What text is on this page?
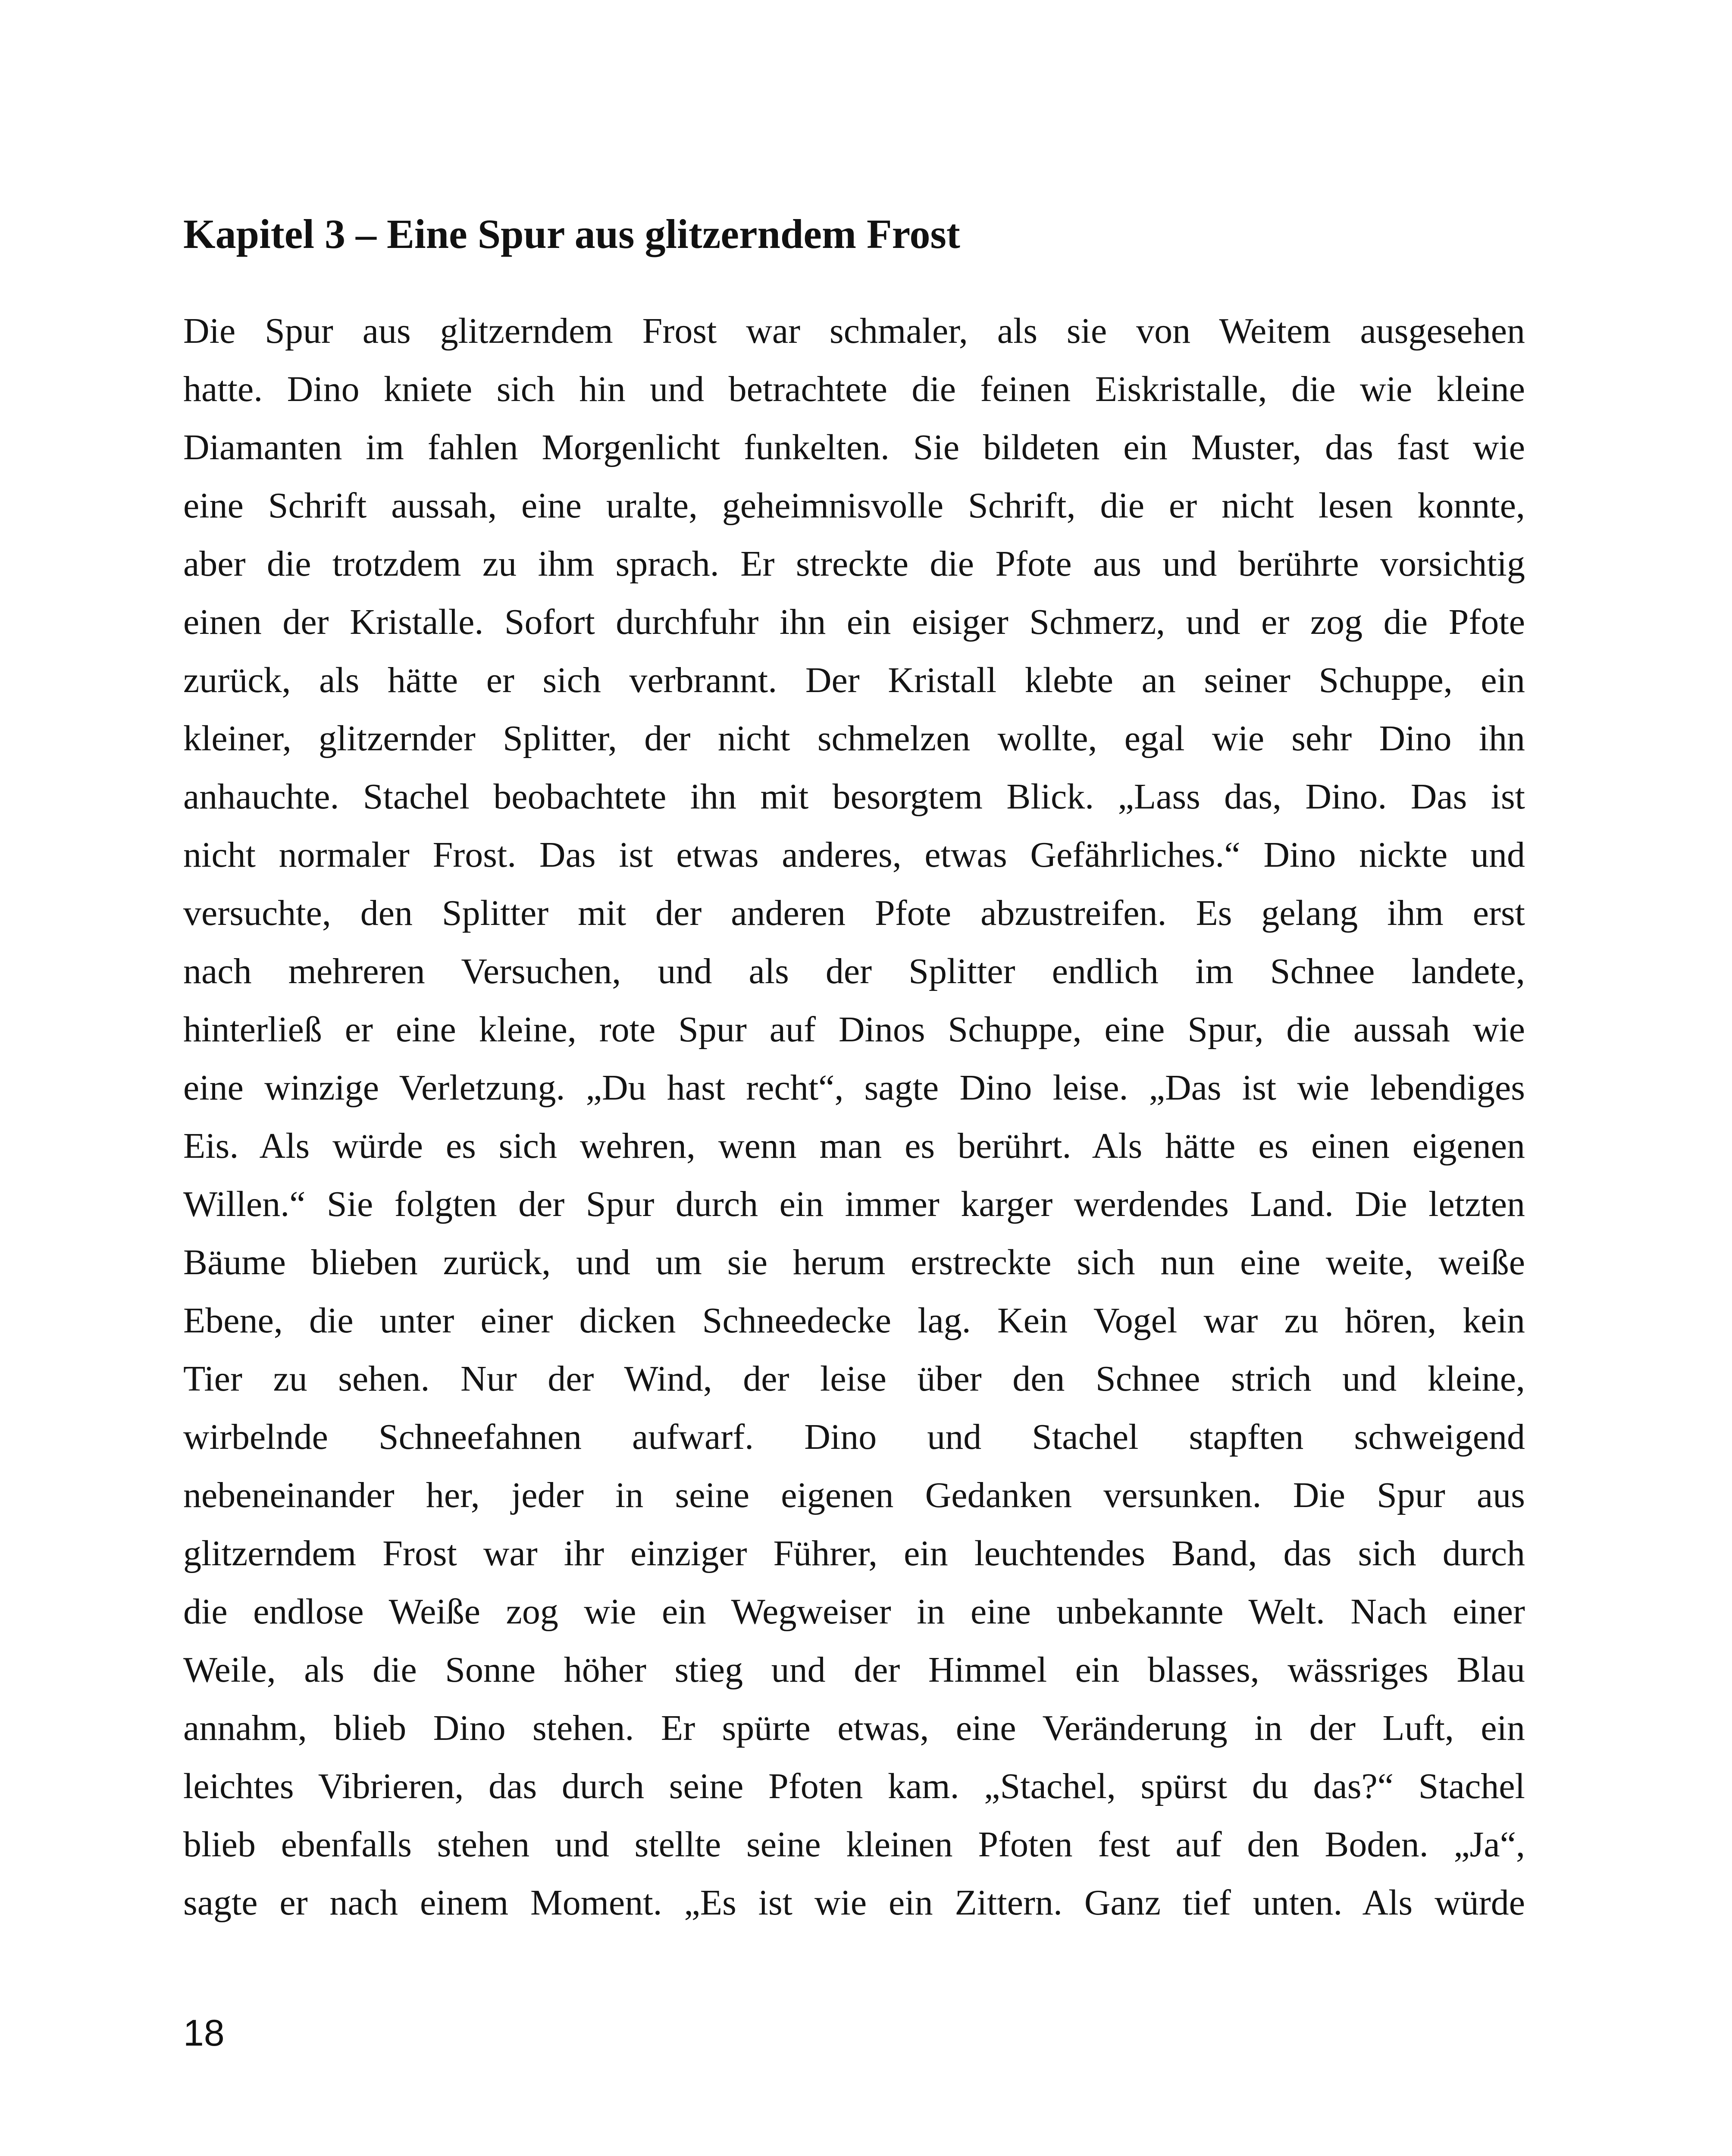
Kapitel 3 – Eine Spur aus glitzerndem Frost
Die Spur aus glitzerndem Frost war schmaler, als sie von Weitem ausgesehen
hatte. Dino kniete sich hin und betrachtete die feinen Eiskristalle, die wie kleine
Diamanten im fahlen Morgenlicht funkelten. Sie bildeten ein Muster, das fast wie
eine Schrift aussah, eine uralte, geheimnisvolle Schrift, die er nicht lesen konnte,
aber die trotzdem zu ihm sprach. Er streckte die Pfote aus und berührte vorsichtig
einen der Kristalle. Sofort durchfuhr ihn ein eisiger Schmerz, und er zog die Pfote
zurück, als hätte er sich verbrannt. Der Kristall klebte an seiner Schuppe, ein
kleiner, glitzernder Splitter, der nicht schmelzen wollte, egal wie sehr Dino ihn
anhauchte. Stachel beobachtete ihn mit besorgtem Blick. „Lass das, Dino. Das ist
nicht normaler Frost. Das ist etwas anderes, etwas Gefährliches.“ Dino nickte und
versuchte, den Splitter mit der anderen Pfote abzustreifen. Es gelang ihm erst
nach mehreren Versuchen, und als der Splitter endlich im Schnee landete,
hinterließ er eine kleine, rote Spur auf Dinos Schuppe, eine Spur, die aussah wie
eine winzige Verletzung. „Du hast recht“, sagte Dino leise. „Das ist wie lebendiges
Eis. Als würde es sich wehren, wenn man es berührt. Als hätte es einen eigenen
Willen.“ Sie folgten der Spur durch ein immer karger werdendes Land. Die letzten
Bäume blieben zurück, und um sie herum erstreckte sich nun eine weite, weiße
Ebene, die unter einer dicken Schneedecke lag. Kein Vogel war zu hören, kein
Tier zu sehen. Nur der Wind, der leise über den Schnee strich und kleine,
wirbelnde Schneefahnen aufwarf. Dino und Stachel stapften schweigend
nebeneinander her, jeder in seine eigenen Gedanken versunken. Die Spur aus
glitzerndem Frost war ihr einziger Führer, ein leuchtendes Band, das sich durch
die endlose Weiße zog wie ein Wegweiser in eine unbekannte Welt. Nach einer
Weile, als die Sonne höher stieg und der Himmel ein blasses, wässriges Blau
annahm, blieb Dino stehen. Er spürte etwas, eine Veränderung in der Luft, ein
leichtes Vibrieren, das durch seine Pfoten kam. „Stachel, spürst du das?“ Stachel
blieb ebenfalls stehen und stellte seine kleinen Pfoten fest auf den Boden. „Ja“,
sagte er nach einem Moment. „Es ist wie ein Zittern. Ganz tief unten. Als würde
18
